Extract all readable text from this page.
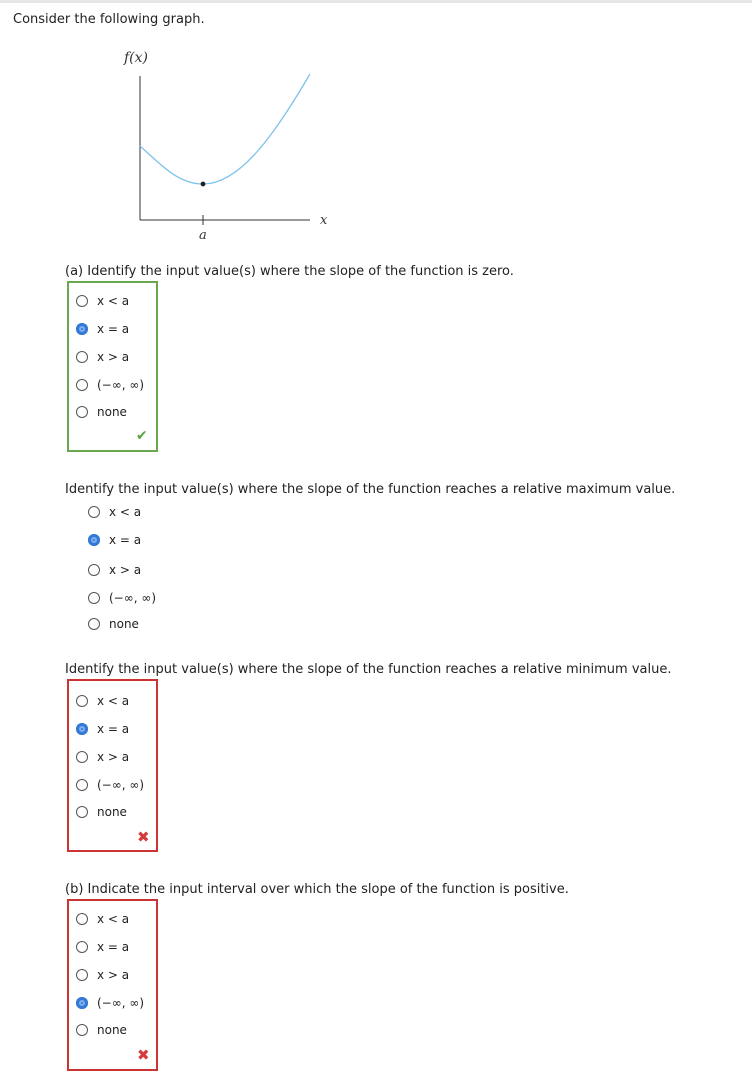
Consider the following graph.
f(x)
x
a
(a) Identify the input value(s) where the slope of the function is zero.
x < a
x = a
x > a
(−∞, ∞)
none
✔
Identify the input value(s) where the slope of the function reaches a relative maximum value.
x < a
x = a
x > a
(−∞, ∞)
none
Identify the input value(s) where the slope of the function reaches a relative minimum value.
x < a
x = a
x > a
(−∞, ∞)
none
✖
(b) Indicate the input interval over which the slope of the function is positive.
x < a
x = a
x > a
(−∞, ∞)
none
✖
